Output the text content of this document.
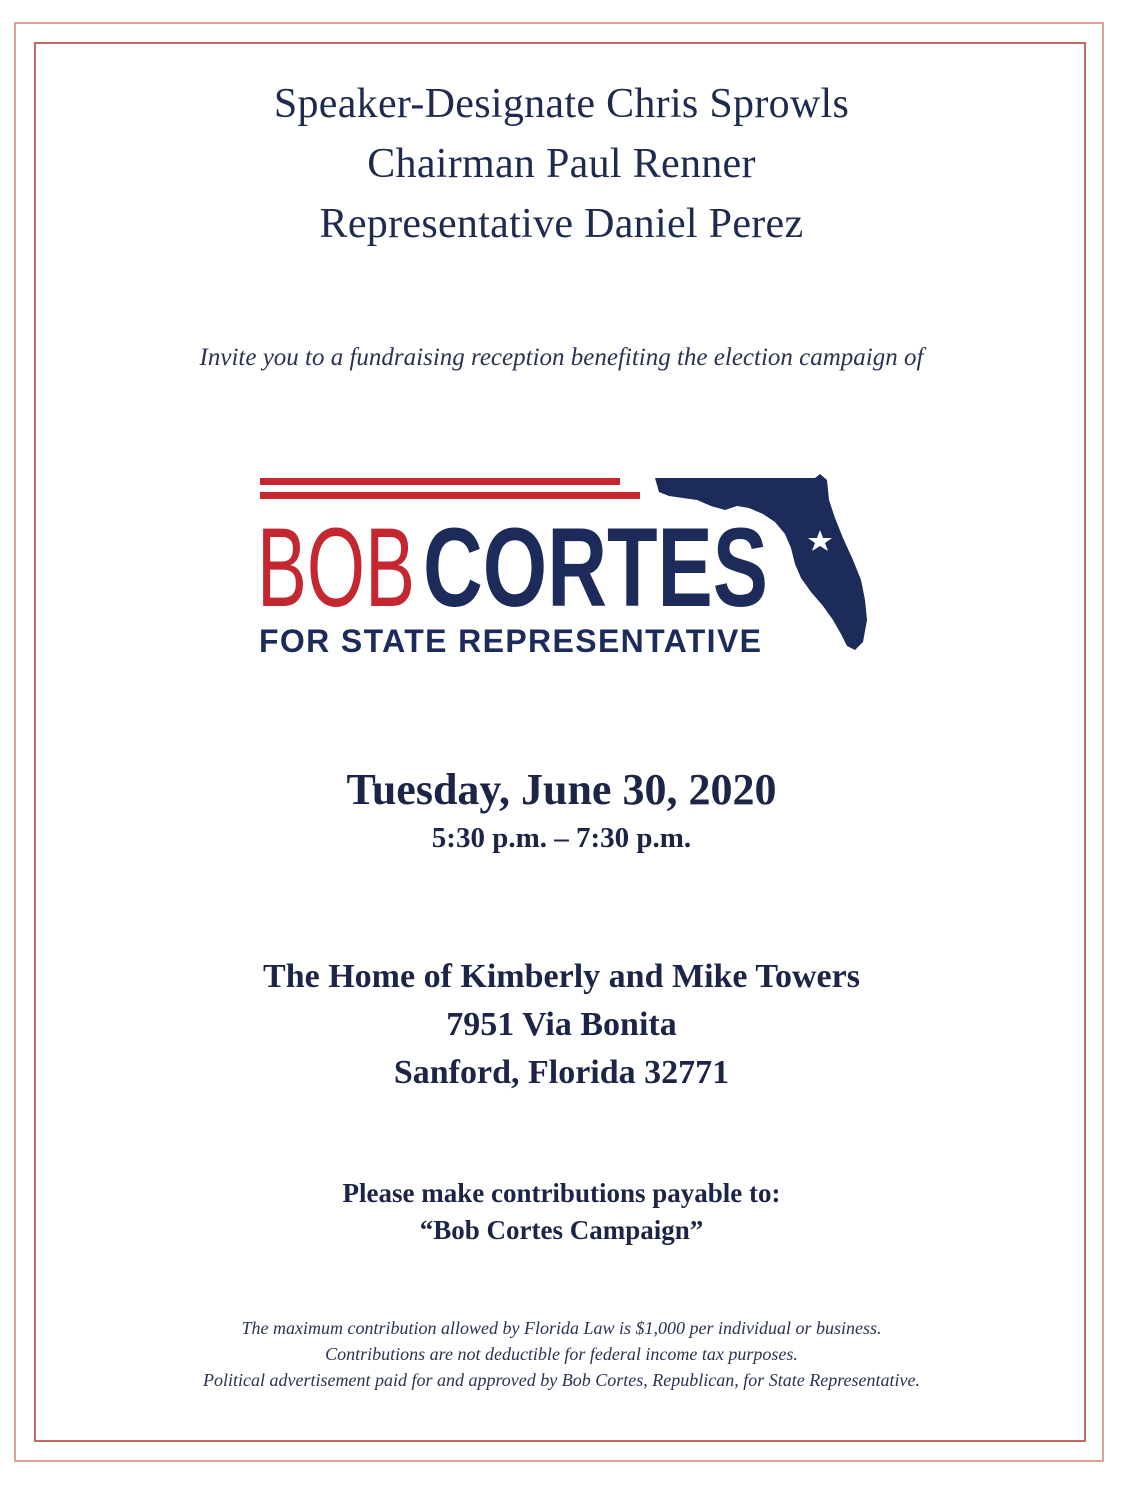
Speaker-Designate Chris Sprowls
Chairman Paul Renner
Representative Daniel Perez
Invite you to a fundraising reception benefiting the election campaign of
BOB CORTES
FOR STATE REPRESENTATIVE
Tuesday, June 30, 2020
5:30 p.m. – 7:30 p.m.
The Home of Kimberly and Mike Towers
7951 Via Bonita
Sanford, Florida 32771
Please make contributions payable to:
“Bob Cortes Campaign”
The maximum contribution allowed by Florida Law is $1,000 per individual or business.
Contributions are not deductible for federal income tax purposes.
Political advertisement paid for and approved by Bob Cortes, Republican, for State Representative.
